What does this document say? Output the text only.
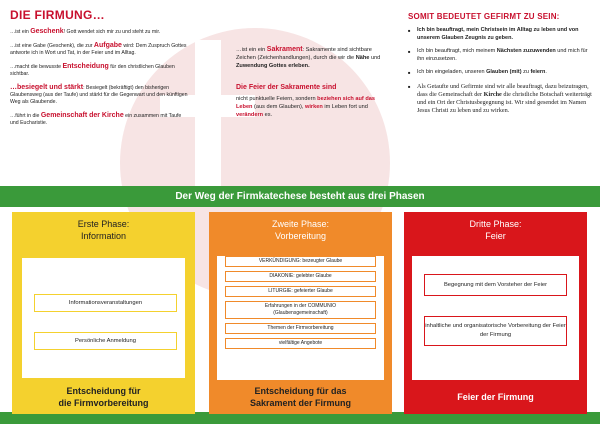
DIE FIRMUNG…
…ist ein Geschenk! Gott wendet sich mir zu und steht zu mir.
…ist eine Gabe (Geschenk), die zur Aufgabe wird: Dem Zuspruch Gottes antworte ich in Wort und Tat, in der Feier und im Alltag.
…macht die bewusste Entscheidung für den christlichen Glauben sichtbar.
…besiegelt und stärkt: Besiegelt (bekräftigt) den bisherigen Glaubensweg (aus der Taufe) und stärkt für die Gegenwart und den künftigen Weg als Glaubende.
…führt in die Gemeinschaft der Kirche ein zusammen mit Taufe und Eucharistie.
…ist ein ein Sakrament: Sakramente sind sichtbare Zeichen (Zeichenhandlungen), durch die wir die Nähe und Zuwendung Gottes erleben.
Die Feier der Sakramente sind
nicht punktuelle Feiern, sondern beziehen sich auf das Leben (aus dem Glauben), wirken im Leben fort und verändern es.
SOMIT BEDEUTET GEFIRMT ZU SEIN:
■ Ich bin beauftragt, mein Christsein im Alltag zu leben und von unserem Glauben Zeugnis zu geben.
■ Ich bin beauftragt, mich meinem Nächsten zuzuwenden und mich für ihn einzusetzen.
■ Ich bin eingeladen, unseren Glauben (mit) zu feiern.
■ Als Getaufte und Gefirmte sind wir alle beauftragt, dazu beizutragen, dass die Gemeinschaft der Kirche die christliche Botschaft weiterträgt und ein Ort der Christusbegegnung ist. Wir sind gesendet im Namen Jesus Christi zu leben und zu wirken.
Der Weg der Firmkatechese besteht aus drei Phasen
Erste Phase:
Information
Informationsveranstaltungen
Persönliche Anmeldung
Entscheidung für
die Firmvorbereitung
Zweite Phase:
Vorbereitung
VERKÜNDIGUNG: bezeugter Glaube
DIAKONIE: gelebter Glaube
LITURGIE: gefeierter Glaube
Erfahrungen in der COMMUNIO
(Glaubensgemeinschaft)
Themen der Firmvorbereitung
vielfältige Angebote
Entscheidung für das
Sakrament der Firmung
Dritte Phase:
Feier
Begegnung mit dem Vorsteher der Feier
inhaltliche und organisatorische Vorbereitung der Feier der Firmung
Feier der Firmung
